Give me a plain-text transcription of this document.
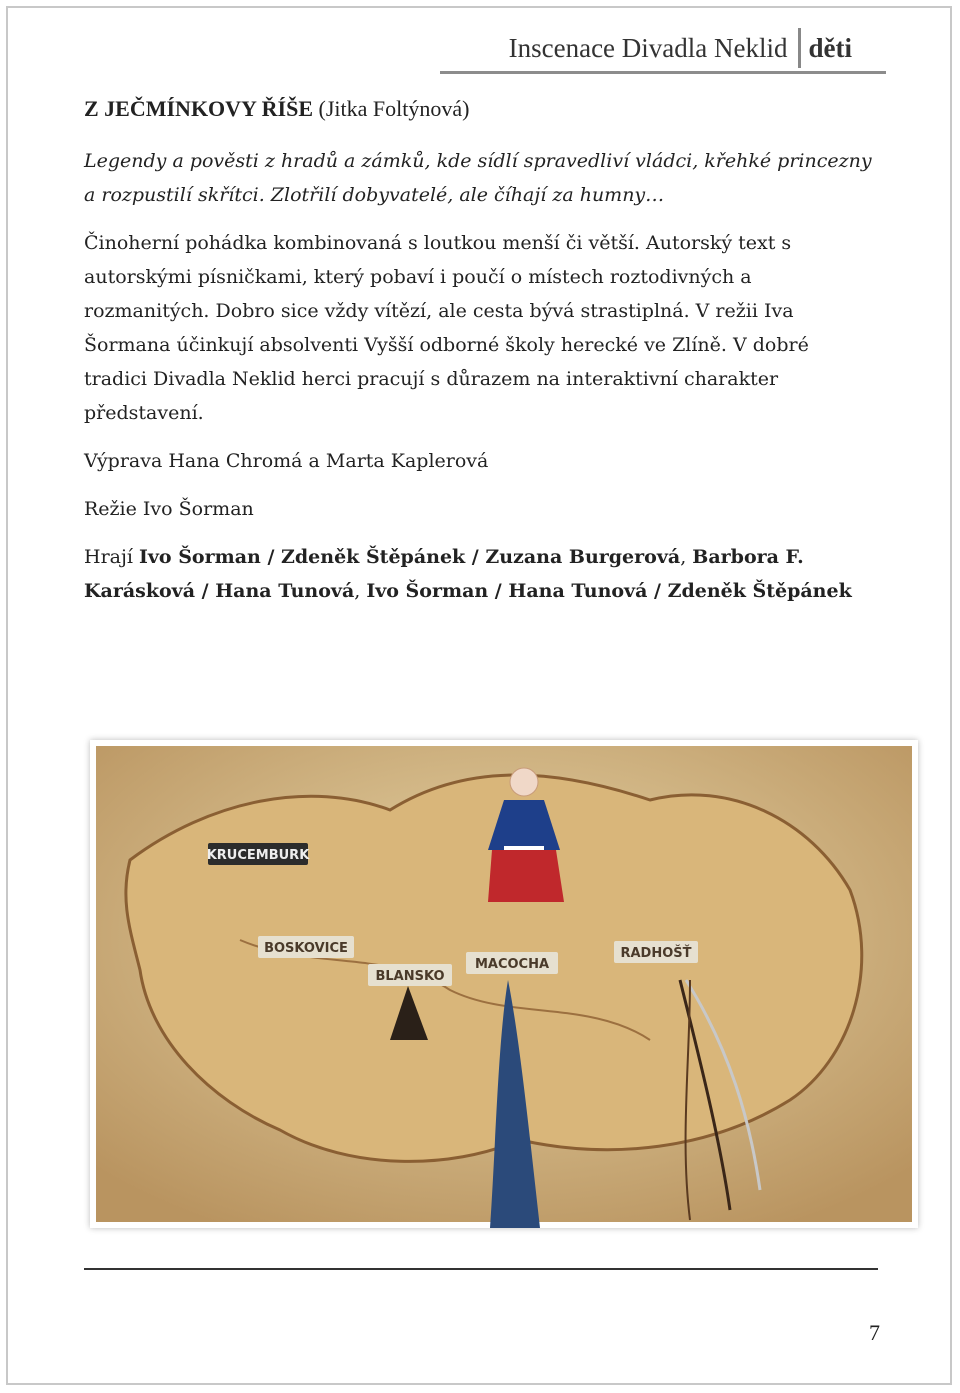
Inscenace Divadla Neklid děti
Z JEČMÍNKOVY ŘÍŠE (Jitka Foltýnová)

Legendy a pověsti z hradů a zámků, kde sídlí spravedliví vládci, křehké princezny a rozpustilí skřítci. Zlotřilí dobyvatelé, ale číhají za humny…

Činoherní pohádka kombinovaná s loutkou menší či větší. Autorský text s autorskými písničkami, který pobaví i poučí o místech roztodivných a rozmanitých. Dobro sice vždy vítězí, ale cesta bývá strastiplná. V režii Iva Šormana účinkují absolventi Vyšší odborné školy herecké ve Zlíně. V dobré tradici Divadla Neklid herci pracují s důrazem na interaktivní charakter představení.

Výprava Hana Chromá a Marta Kaplerová

Režie Ivo Šorman

Hrají Ivo Šorman / Zdeněk Štěpánek / Zuzana Burgerová, Barbora F. Karásková / Hana Tunová, Ivo Šorman / Hana Tunová / Zdeněk Štěpánek

KRUCEMBURK
BOSKOVICE
BLANSKO
MACOCHA
RADHOŠŤ
7
